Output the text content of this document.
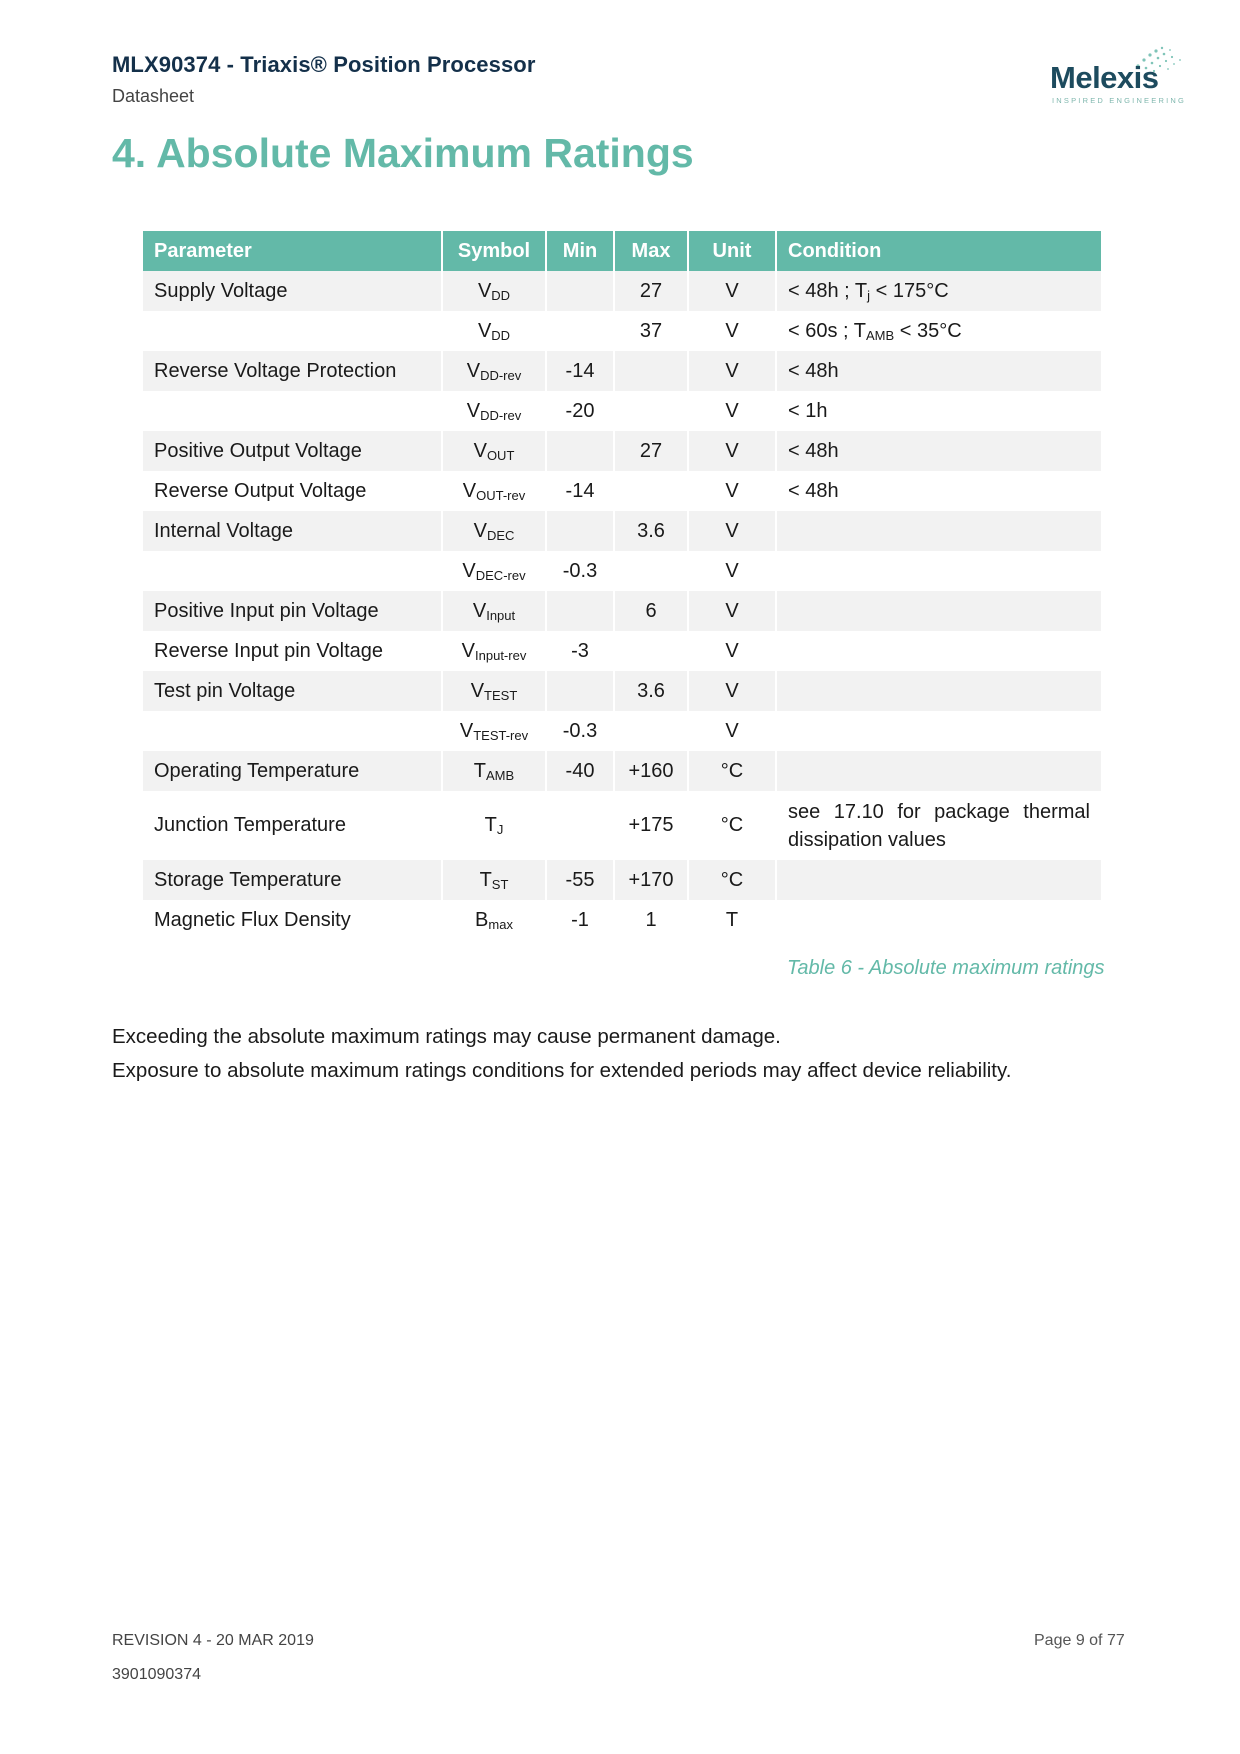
MLX90374 - Triaxis® Position Processor
Datasheet
Melexis
INSPIRED ENGINEERING
4. Absolute Maximum Ratings
Parameter	Symbol	Min	Max	Unit	Condition
Supply Voltage	$V_{DD}$		27	V	< 48h ; $T_j < 175^\circ C$
	$V_{DD}$		37	V	< 60s ; $T_{AMB} < 35^\circ C$
Reverse Voltage Protection	$V_{DD-rev}$	-14		V	< 48h
	$V_{DD-rev}$	-20		V	< 1h
Positive Output Voltage	$V_{OUT}$		27	V	< 48h
Reverse Output Voltage	$V_{OUT-rev}$	-14		V	< 48h
Internal Voltage	$V_{DEC}$		3.6	V	
	$V_{DEC-rev}$	-0.3		V	
Positive Input pin Voltage	$V_{Input}$		6	V	
Reverse Input pin Voltage	$V_{Input-rev}$	-3		V	
Test pin Voltage	$V_{TEST}$		3.6	V	
	$V_{TEST-rev}$	-0.3		V	
Operating Temperature	$T_{AMB}$	-40	+160	°C	
Junction Temperature	$T_J$		+175	°C	see 17.10 for package thermal dissipation values

Storage Temperature	$T_{ST}$	-55	+170	°C	
Magnetic Flux Density	$B_{max}$	-1	1	T	
Table 6 - Absolute maximum ratings

Exceeding the absolute maximum ratings may cause permanent damage.

Exposure to absolute maximum ratings conditions for extended periods may affect device reliability.

REVISION 4 - 20 MAR 2019
3901090374
Page 9 of 77
